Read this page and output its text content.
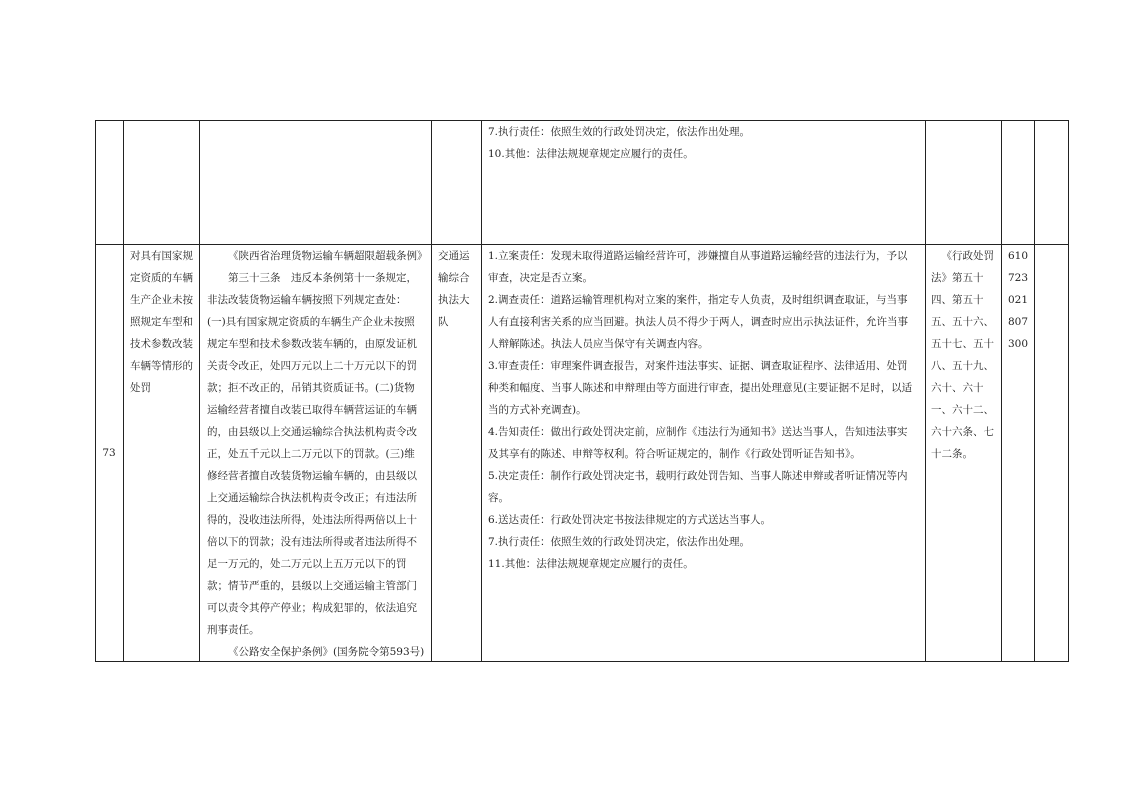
7.执行责任：依照生效的行政处罚决定，依法作出处理。

10.其他：法律法规规章规定应履行的责任。

73
对具有国家规定资质的车辆生产企业未按照规定车型和技术参数改装车辆等情形的处罚

《陕西省治理货物运输车辆超限超载条例》

第三十三条　违反本条例第十一条规定，非法改装货物运输车辆按照下列规定查处：(一)具有国家规定资质的车辆生产企业未按照规定车型和技术参数改装车辆的，由原发证机关责令改正，处四万元以上二十万元以下的罚款；拒不改正的，吊销其资质证书。(二)货物运输经营者擅自改装已取得车辆营运证的车辆的，由县级以上交通运输综合执法机构责令改正，处五千元以上二万元以下的罚款。(三)维修经营者擅自改装货物运输车辆的，由县级以上交通运输综合执法机构责令改正；有违法所得的，没收违法所得，处违法所得两倍以上十倍以下的罚款；没有违法所得或者违法所得不足一万元的，处二万元以上五万元以下的罚款；情节严重的，县级以上交通运输主管部门可以责令其停产停业；构成犯罪的，依法追究刑事责任。

《公路安全保护条例》(国务院令第593号)

交通运输综合执法大队

1.立案责任：发现未取得道路运输经营许可，涉嫌擅自从事道路运输经营的违法行为，予以审查，决定是否立案。

2.调查责任：道路运输管理机构对立案的案件，指定专人负责，及时组织调查取证，与当事人有直接利害关系的应当回避。执法人员不得少于两人，调查时应出示执法证件，允许当事人辩解陈述。执法人员应当保守有关调查内容。

3.审查责任：审理案件调查报告，对案件违法事实、证据、调查取证程序、法律适用、处罚种类和幅度、当事人陈述和申辩理由等方面进行审查，提出处理意见(主要证据不足时，以适当的方式补充调查)。

4.告知责任：做出行政处罚决定前，应制作《违法行为通知书》送达当事人，告知违法事实及其享有的陈述、申辩等权利。符合听证规定的，制作《行政处罚听证告知书》。

5.决定责任：制作行政处罚决定书，载明行政处罚告知、当事人陈述申辩或者听证情况等内容。

6.送达责任：行政处罚决定书按法律规定的方式送达当事人。

7.执行责任：依照生效的行政处罚决定，依法作出处理。

11.其他：法律法规规章规定应履行的责任。

《行政处罚法》第五十四、第五十五、五十六、五十七、五十八、五十九、六十、六十一、六十二、六十六条、七十二条。
610723021807300
